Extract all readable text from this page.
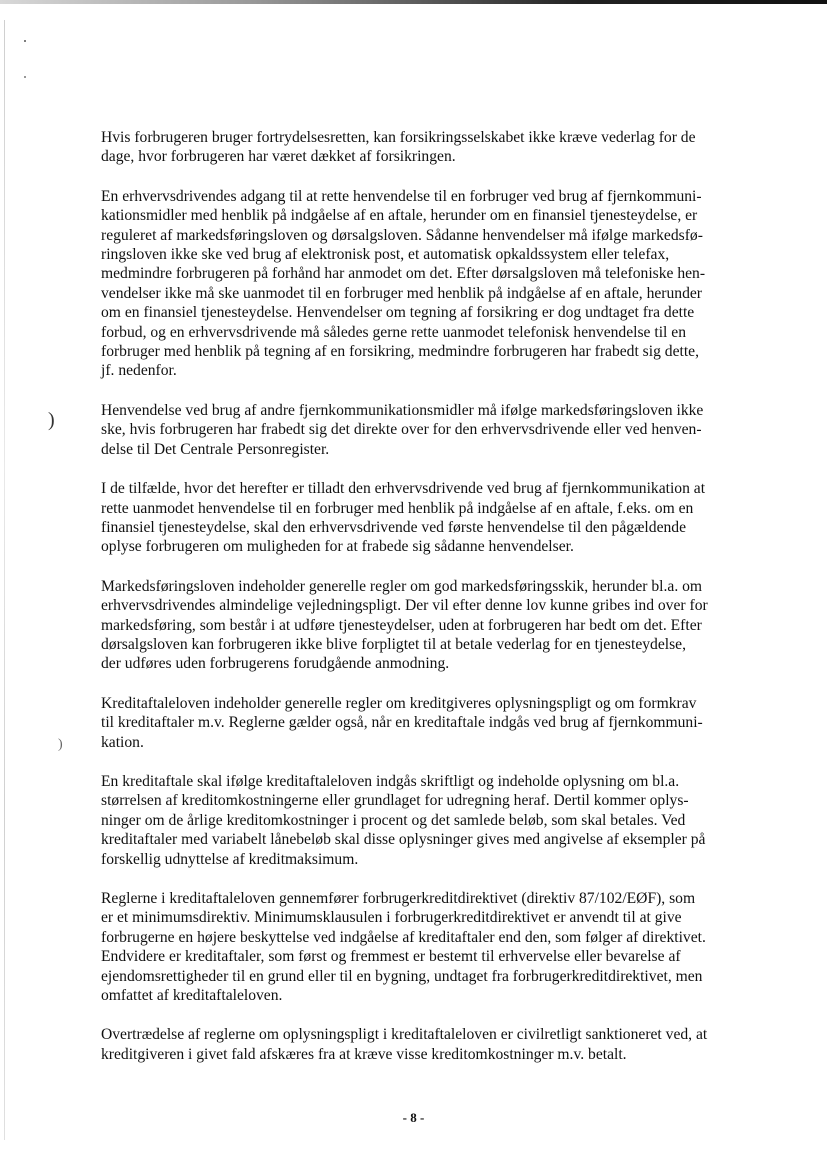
)
)

Hvis forbrugeren bruger fortrydelsesretten, kan forsikringsselskabet ikke kræve vederlag for de
dage, hvor forbrugeren har været dækket af forsikringen.

En erhvervsdrivendes adgang til at rette henvendelse til en forbruger ved brug af fjernkommuni-
kationsmidler med henblik på indgåelse af en aftale, herunder om en finansiel tjenesteydelse, er
reguleret af markedsføringsloven og dørsalgsloven. Sådanne henvendelser må ifølge markedsfø-
ringsloven ikke ske ved brug af elektronisk post, et automatisk opkaldssystem eller telefax,
medmindre forbrugeren på forhånd har anmodet om det. Efter dørsalgsloven må telefoniske hen-
vendelser ikke må ske uanmodet til en forbruger med henblik på indgåelse af en aftale, herunder
om en finansiel tjenesteydelse. Henvendelser om tegning af forsikring er dog undtaget fra dette
forbud, og en erhvervsdrivende må således gerne rette uanmodet telefonisk henvendelse til en
forbruger med henblik på tegning af en forsikring, medmindre forbrugeren har frabedt sig dette,
jf. nedenfor.

Henvendelse ved brug af andre fjernkommunikationsmidler må ifølge markedsføringsloven ikke
ske, hvis forbrugeren har frabedt sig det direkte over for den erhvervsdrivende eller ved henven-
delse til Det Centrale Personregister.

I de tilfælde, hvor det herefter er tilladt den erhvervsdrivende ved brug af fjernkommunikation at
rette uanmodet henvendelse til en forbruger med henblik på indgåelse af en aftale, f.eks. om en
finansiel tjenesteydelse, skal den erhvervsdrivende ved første henvendelse til den pågældende
oplyse forbrugeren om muligheden for at frabede sig sådanne henvendelser.

Markedsføringsloven indeholder generelle regler om god markedsføringsskik, herunder bl.a. om
erhvervsdrivendes almindelige vejledningspligt. Der vil efter denne lov kunne gribes ind over for
markedsføring, som består i at udføre tjenesteydelser, uden at forbrugeren har bedt om det. Efter
dørsalgsloven kan forbrugeren ikke blive forpligtet til at betale vederlag for en tjenesteydelse,
der udføres uden forbrugerens forudgående anmodning.

Kreditaftaleloven indeholder generelle regler om kreditgiveres oplysningspligt og om formkrav
til kreditaftaler m.v. Reglerne gælder også, når en kreditaftale indgås ved brug af fjernkommuni-
kation.

En kreditaftale skal ifølge kreditaftaleloven indgås skriftligt og indeholde oplysning om bl.a.
størrelsen af kreditomkostningerne eller grundlaget for udregning heraf. Dertil kommer oplys-
ninger om de årlige kreditomkostninger i procent og det samlede beløb, som skal betales. Ved
kreditaftaler med variabelt lånebeløb skal disse oplysninger gives med angivelse af eksempler på
forskellig udnyttelse af kreditmaksimum.

Reglerne i kreditaftaleloven gennemfører forbrugerkreditdirektivet (direktiv 87/102/EØF), som
er et minimumsdirektiv. Minimumsklausulen i forbrugerkreditdirektivet er anvendt til at give
forbrugerne en højere beskyttelse ved indgåelse af kreditaftaler end den, som følger af direktivet.
Endvidere er kreditaftaler, som først og fremmest er bestemt til erhvervelse eller bevarelse af
ejendomsrettigheder til en grund eller til en bygning, undtaget fra forbrugerkreditdirektivet, men
omfattet af kreditaftaleloven.

Overtrædelse af reglerne om oplysningspligt i kreditaftaleloven er civilretligt sanktioneret ved, at
kreditgiveren i givet fald afskæres fra at kræve visse kreditomkostninger m.v. betalt.

- 8 -
